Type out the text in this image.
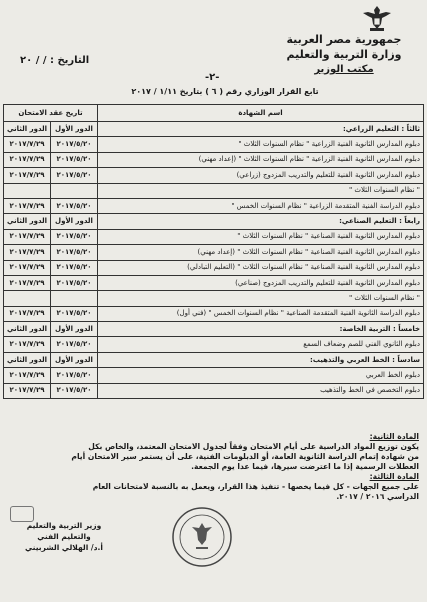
جمهورية مصر العربية
وزارة التربية والتعليم
مكتب الوزير
التاريخ : / / ٢٠
-٢-
تابع القرار الوزاري رقم ( ٦ ) بتاريخ ١/١١ / ٢٠١٧
اسم الشهادة	تاريخ عقد الامتحان	
ثالثاً : التعليم الزراعي:	الدور الأول	الدور الثاني
دبلوم المدارس الثانوية الفنية الزراعية " نظام السنوات الثلاث "	٢٠١٧/٥/٢٠	٢٠١٧/٧/٢٩
دبلوم المدارس الثانوية الفنية الزراعية " نظام السنوات الثلاث " (إعداد مهني)	٢٠١٧/٥/٢٠	٢٠١٧/٧/٢٩
دبلوم المدارس الثانوية الفنية للتعليم والتدريب المزدوج (زراعي)	٢٠١٧/٥/٢٠	٢٠١٧/٧/٢٩
" نظام السنوات الثلاث "		
دبلوم الدراسة الفنية المتقدمة الزراعية " نظام السنوات الخمس "	٢٠١٧/٥/٢٠	٢٠١٧/٧/٢٩
رابعاً : التعليم الصناعي:	الدور الأول	الدور الثاني
دبلوم المدارس الثانوية الفنية الصناعية " نظام السنوات الثلاث "	٢٠١٧/٥/٢٠	٢٠١٧/٧/٢٩
دبلوم المدارس الثانوية الفنية الصناعية " نظام السنوات الثلاث " (إعداد مهني)	٢٠١٧/٥/٢٠	٢٠١٧/٧/٢٩
دبلوم المدارس الثانوية الفنية الصناعية " نظام السنوات الثلاث " (التعليم التبادلي)	٢٠١٧/٥/٢٠	٢٠١٧/٧/٢٩
دبلوم المدارس الثانوية الفنية للتعليم والتدريب المزدوج (صناعي)	٢٠١٧/٥/٢٠	٢٠١٧/٧/٢٩
" نظام السنوات الثلاث "		
دبلوم الدراسة الثانوية الفنية المتقدمة الصناعية " نظام السنوات الخمس " (فني أول)	٢٠١٧/٥/٢٠	٢٠١٧/٧/٢٩
خامساً : التربية الخاصة:	الدور الأول	الدور الثاني
دبلوم الثانوي الفني للصم وضعاف السمع	٢٠١٧/٥/٢٠	٢٠١٧/٧/٢٩
سادساً : الخط العربي والتذهيب:	الدور الأول	الدور الثاني
دبلوم الخط العربي	٢٠١٧/٥/٢٠	٢٠١٧/٧/٢٩
دبلوم التخصص في الخط والتذهيب	٢٠١٧/٥/٢٠	٢٠١٧/٧/٢٩
المادة الثانية:
يكون توزيع المواد الدراسية على أيام الامتحان وفقاً لجدول الامتحان المعتمد، والخاص بكل
من شهادة إتمام الدراسة الثانوية العامة، أو الدبلومات الفنية، على أن يستمر سير الامتحان أيام
العطلات الرسمية إذا ما اعترضت سيرها، فيما عدا يوم الجمعة.
المادة الثالثة:
على جميع الجهات - كل فيما يخصها - تنفيذ هذا القرار، ويعمل به بالنسبة لامتحانات العام
الدراسي ٢٠١٦ / ٢٠١٧.
وزير التربية والتعليم والتعليم الفني
أ.د/ الهلالي الشربيني
